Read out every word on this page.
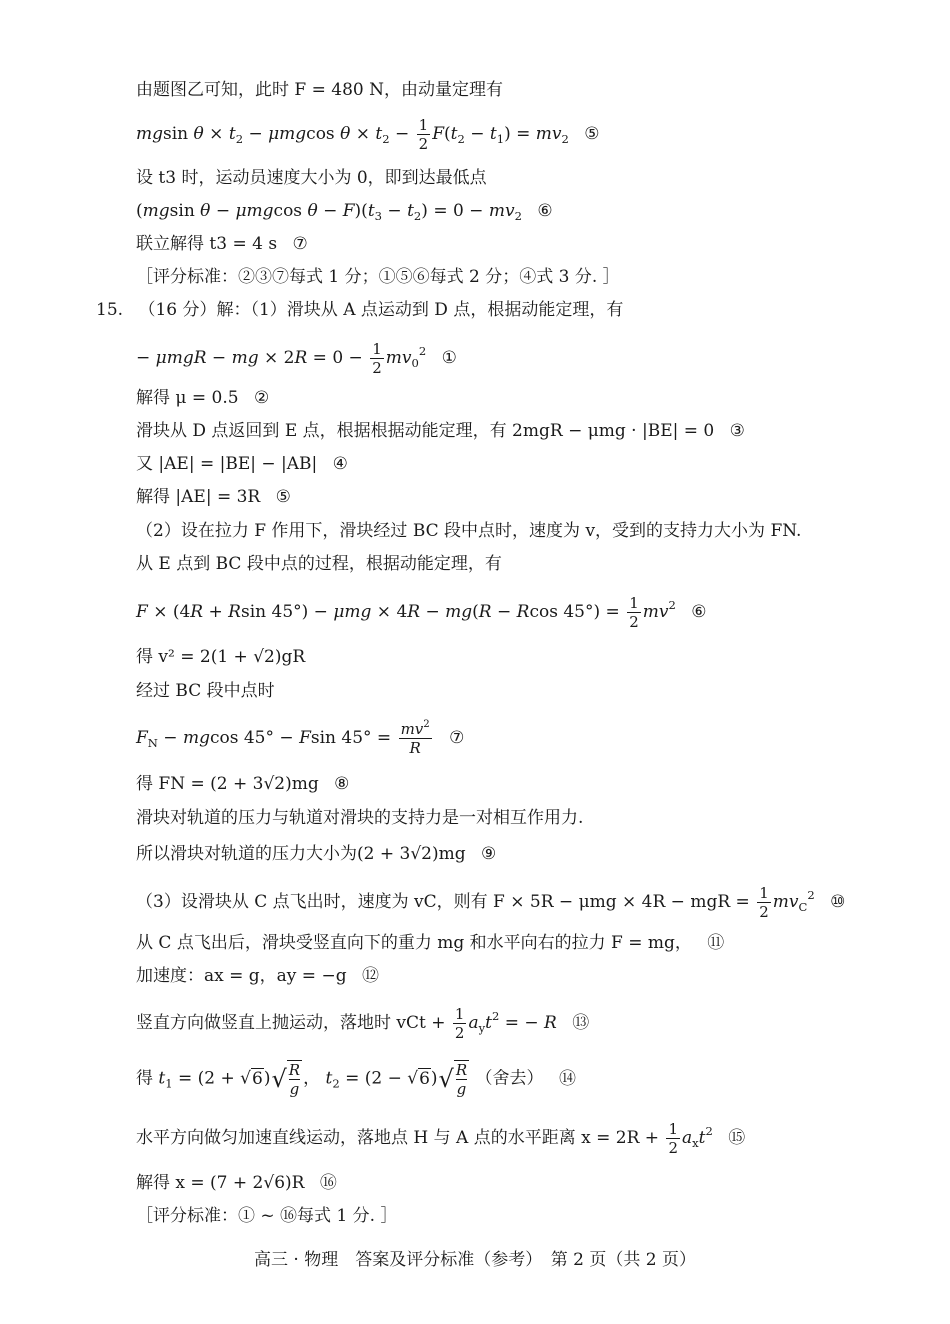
由题图乙可知，此时 F = 480 N，由动量定理有
mgsin $\theta \times t_2 - \mu mgcos$ $\theta \times t_2 - \frac{1}{2} F(t_2 - t_1) = mv_2$ ⑤
设 t3 时，运动员速度大小为 0，即到达最低点
(mgsin θ − μmgcos $\theta - F)(t_3 - t_2) = 0 - mv_2$ ⑥
联立解得 t3 = 4 s ⑦
［评分标准：②③⑦每式 1 分；①⑤⑥每式 2 分；④式 3 分. ］
15. （16 分）解：（1）滑块从 A 点运动到 D 点，根据动能定理，有
− μmgR − mg × $2R = 0 - \frac{1}{2} mv_0^2$ ①
解得 μ = 0.5 ②
滑块从 D 点返回到 E 点，根据根据动能定理，有 2mgR − μmg · |BE| = 0 ③
又 |AE| = |BE| − |AB| ④
解得 |AE| = 3R ⑤
（2）设在拉力 F 作用下，滑块经过 BC 段中点时，速度为 v，受到的支持力大小为 FN.
从 E 点到 BC 段中点的过程，根据动能定理，有
F × (4R + Rsin 45°) − μmg × 4R − mg(R − Rcos $45^\circ) = \frac{1}{2} mv^2$ ⑥
得 v² = 2(1 + √2)gR
经过 BC 段中点时
$F_N - mgcos$ 45° − Fsin $45^\circ = \frac{mv^2}{R}$ ⑦
得 FN = (2 + 3√2)mg ⑧
滑块对轨道的压力与轨道对滑块的支持力是一对相互作用力.
所以滑块对轨道的压力大小为(2 + 3√2)mg ⑨
（3）设滑块从 C 点飞出时，速度为 vC，则有 F × 5R − μmg × 4R − mgR = $\frac{1}{2} mv_C^2$ ⑩
从 C 点飞出后，滑块受竖直向下的重力 mg 和水平向右的拉力 F = mg， ⑪
加速度：ax = g，ay = −g ⑫
竖直方向做竖直上抛运动，落地时 vCt + $\frac{1}{2} a_yt^2$ = − R ⑬
得 $t_1 = (2 + √6)$ √ $\frac{R}{g}$ ， $t_2 = (2 - √6)$ √ $\frac{R}{g}$ （舍去） ⑭
水平方向做匀加速直线运动，落地点 H 与 A 点的水平距离 $x = 2R + \frac{1}{2} a_xt^2$ ⑮
解得 x = (7 + 2√6)R ⑯
［评分标准：① ~ ⑯每式 1 分. ］
高三 · 物理　答案及评分标准（参考）　第 2 页（共 2 页）
